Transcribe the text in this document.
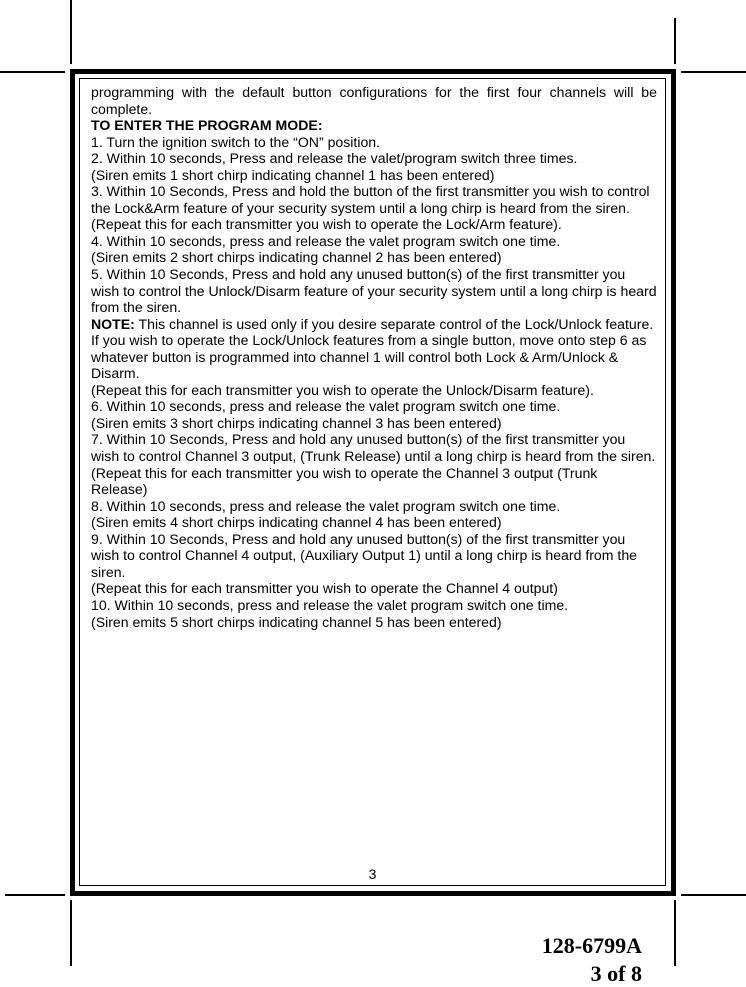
programming with the default button configurations for the first four channels will be complete.

TO ENTER THE PROGRAM MODE:

1. Turn the ignition switch to the “ON” position.

2. Within 10 seconds, Press and release the valet/program switch three times.

(Siren emits 1 short chirp indicating channel 1 has been entered)

3. Within 10 Seconds, Press and hold the button of the first transmitter you wish to control the Lock&Arm feature of your security system until a long chirp is heard from the siren.

(Repeat this for each transmitter you wish to operate the Lock/Arm feature).

4. Within 10 seconds, press and release the valet program switch one time.

(Siren emits 2 short chirps indicating channel 2 has been entered)

5. Within 10 Seconds, Press and hold any unused button(s) of the first transmitter you wish to control the Unlock/Disarm feature of your security system until a long chirp is heard from the siren.

NOTE: This channel is used only if you desire separate control of the Lock/Unlock feature. If you wish to operate the Lock/Unlock features from a single button, move onto step 6 as whatever button is programmed into channel 1 will control both Lock & Arm/Unlock & Disarm.

(Repeat this for each transmitter you wish to operate the Unlock/Disarm feature).

6. Within 10 seconds, press and release the valet program switch one time.

(Siren emits 3 short chirps indicating channel 3 has been entered)

7. Within 10 Seconds, Press and hold any unused button(s) of the first transmitter you wish to control Channel 3 output, (Trunk Release) until a long chirp is heard from the siren.

(Repeat this for each transmitter you wish to operate the Channel 3 output (Trunk Release)

8. Within 10 seconds, press and release the valet program switch one time.

(Siren emits 4 short chirps indicating channel 4 has been entered)

9. Within 10 Seconds, Press and hold any unused button(s) of the first transmitter you wish to control Channel 4 output, (Auxiliary Output 1) until a long chirp is heard from the siren.

(Repeat this for each transmitter you wish to operate the Channel 4 output)

10. Within 10 seconds, press and release the valet program switch one time.

(Siren emits 5 short chirps indicating channel 5 has been entered)

3
128-6799A
3 of 8
